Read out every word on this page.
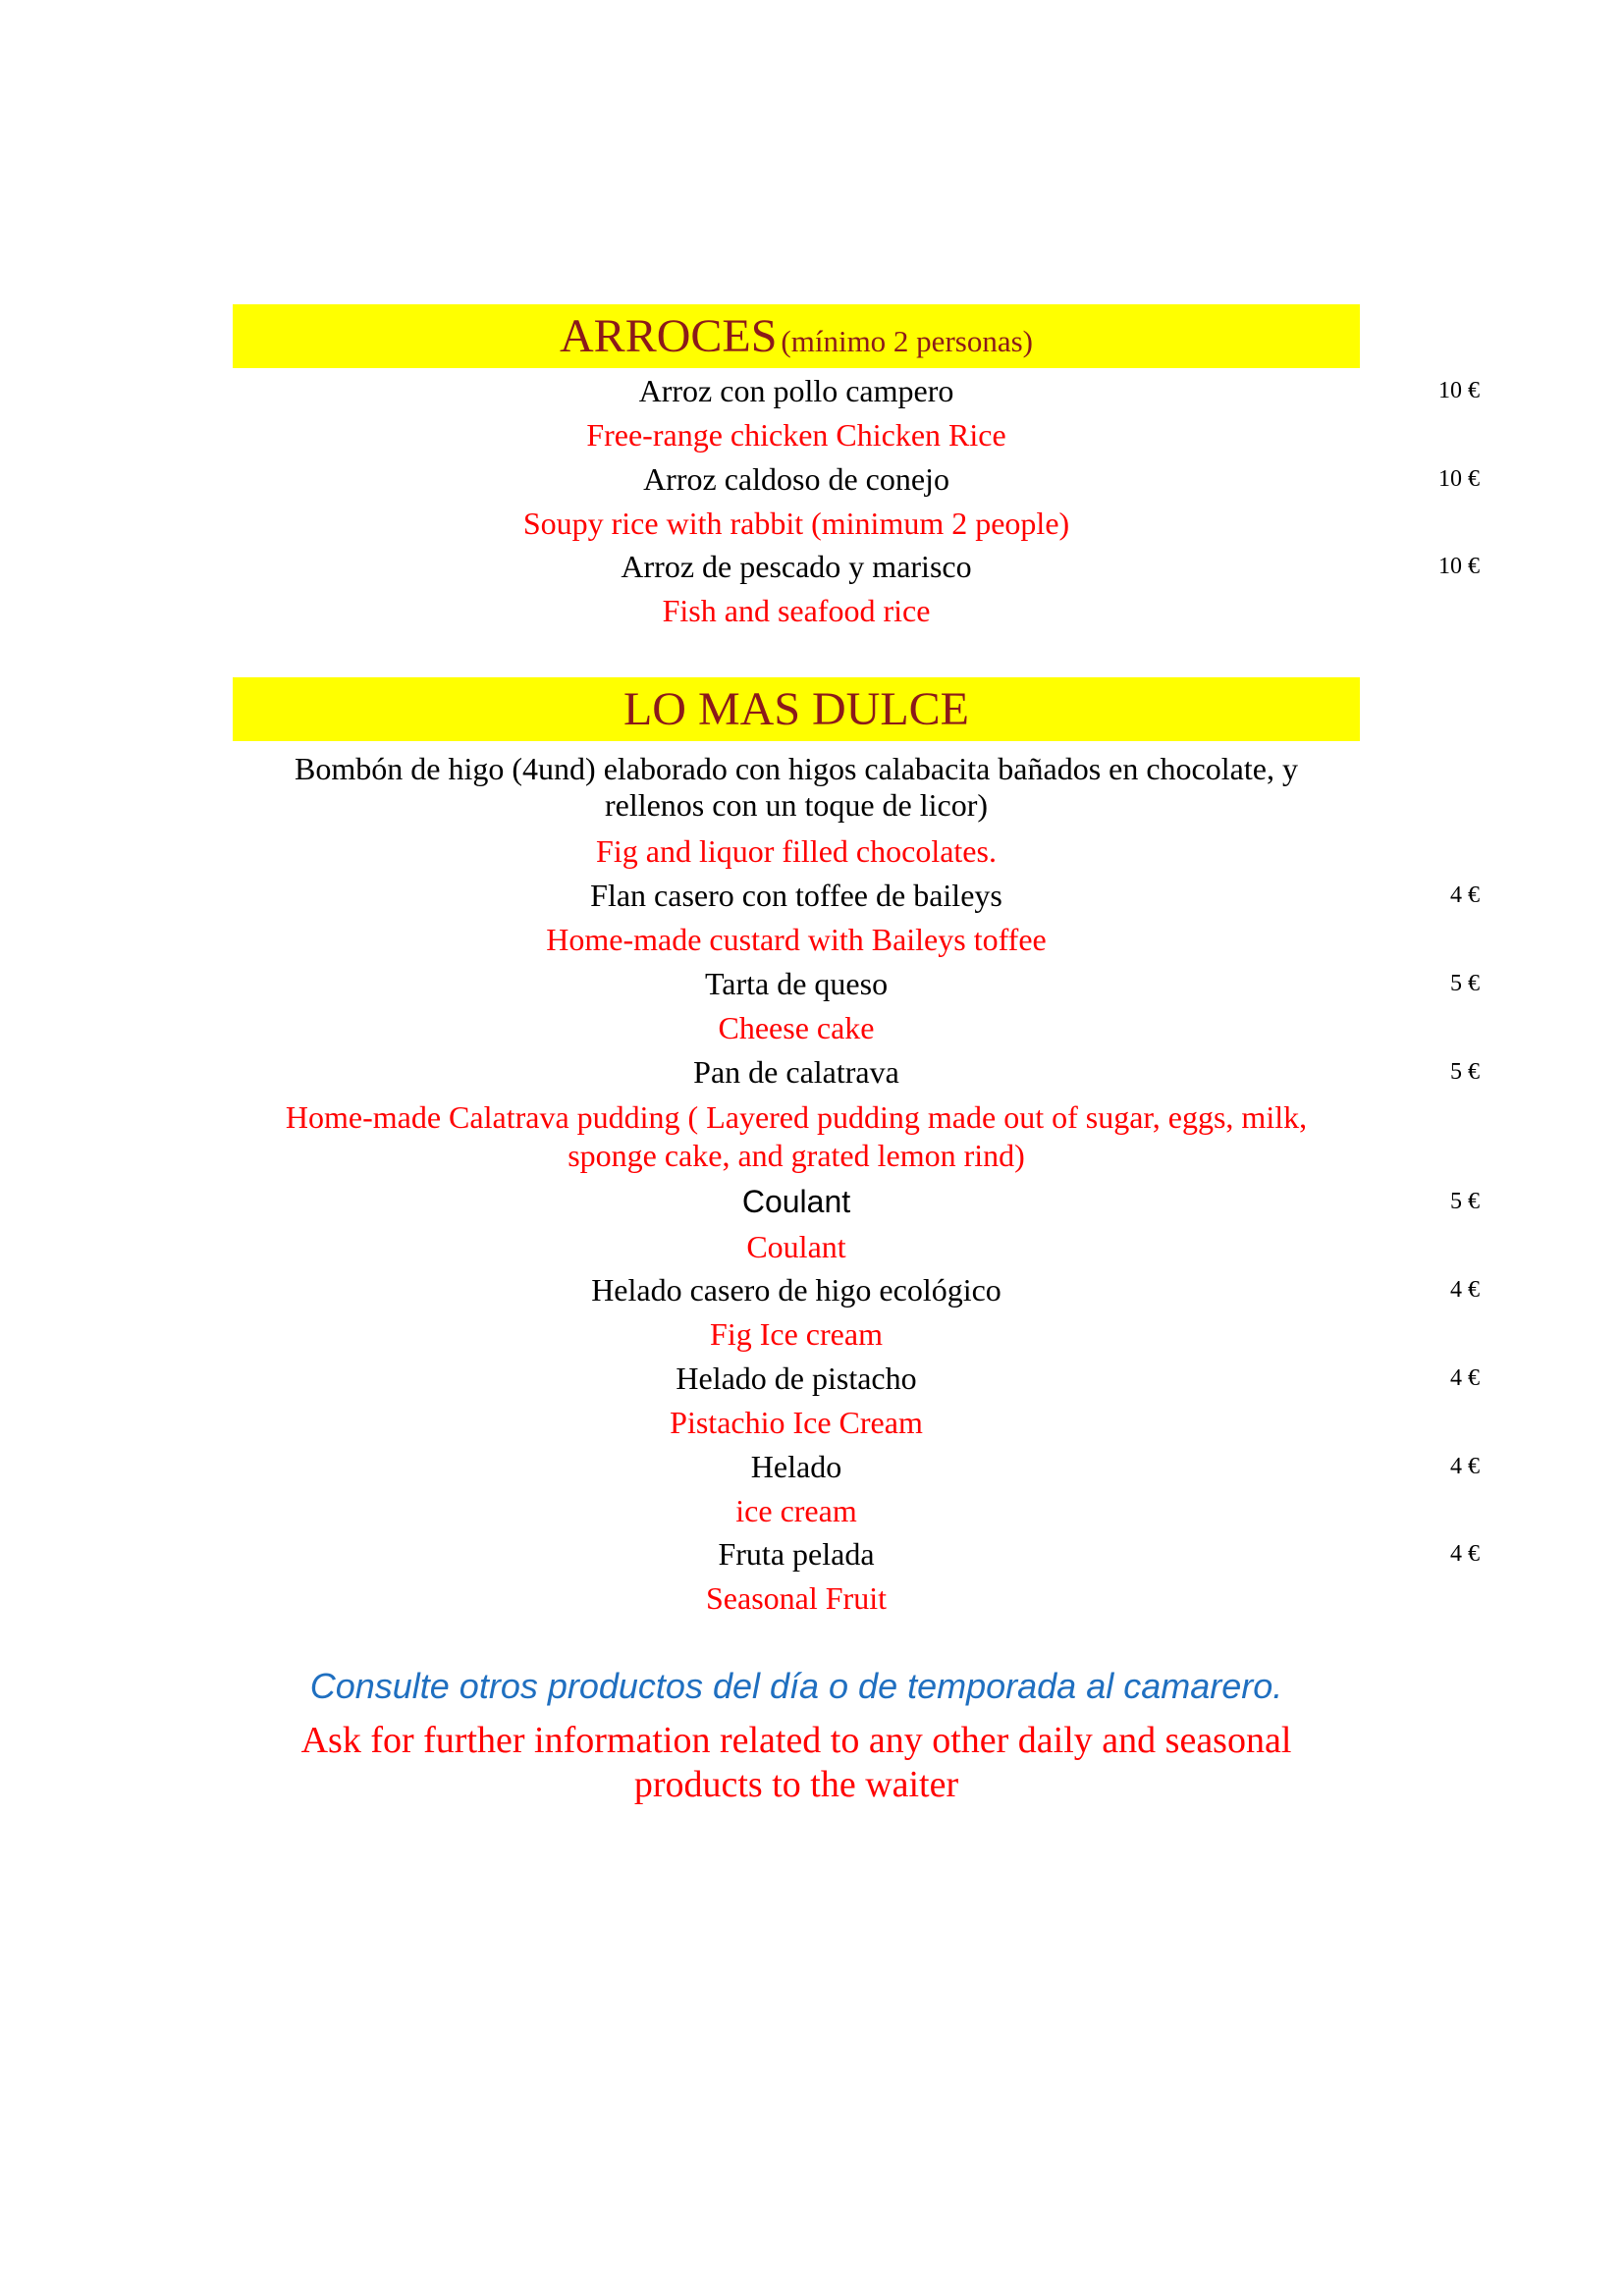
ARROCES (mínimo 2 personas)
Arroz con pollo campero	10 €
Free-range chicken Chicken Rice
Arroz caldoso de conejo	10 €
Soupy rice with rabbit (minimum 2 people)
Arroz de pescado y marisco	10 €
Fish and seafood rice
LO MAS DULCE
Bombón de higo (4und) elaborado con higos calabacita bañados en chocolate, y
rellenos con un toque de licor)
Fig and liquor filled chocolates.
Flan casero con toffee de baileys	4 €
Home-made custard with Baileys toffee
Tarta de queso	5 €
Cheese cake
Pan de calatrava	5 €
Home-made Calatrava pudding ( Layered pudding made out of sugar, eggs, milk,
sponge cake, and grated lemon rind)
Coulant	5 €
Coulant
Helado casero de higo ecológico	4 €
Fig Ice cream
Helado de pistacho	4 €
Pistachio Ice Cream
Helado	4 €
ice cream
Fruta pelada	4 €
Seasonal Fruit
Consulte otros productos del día o de temporada al camarero.
Ask for further information related to any other daily and seasonal
products to the waiter
